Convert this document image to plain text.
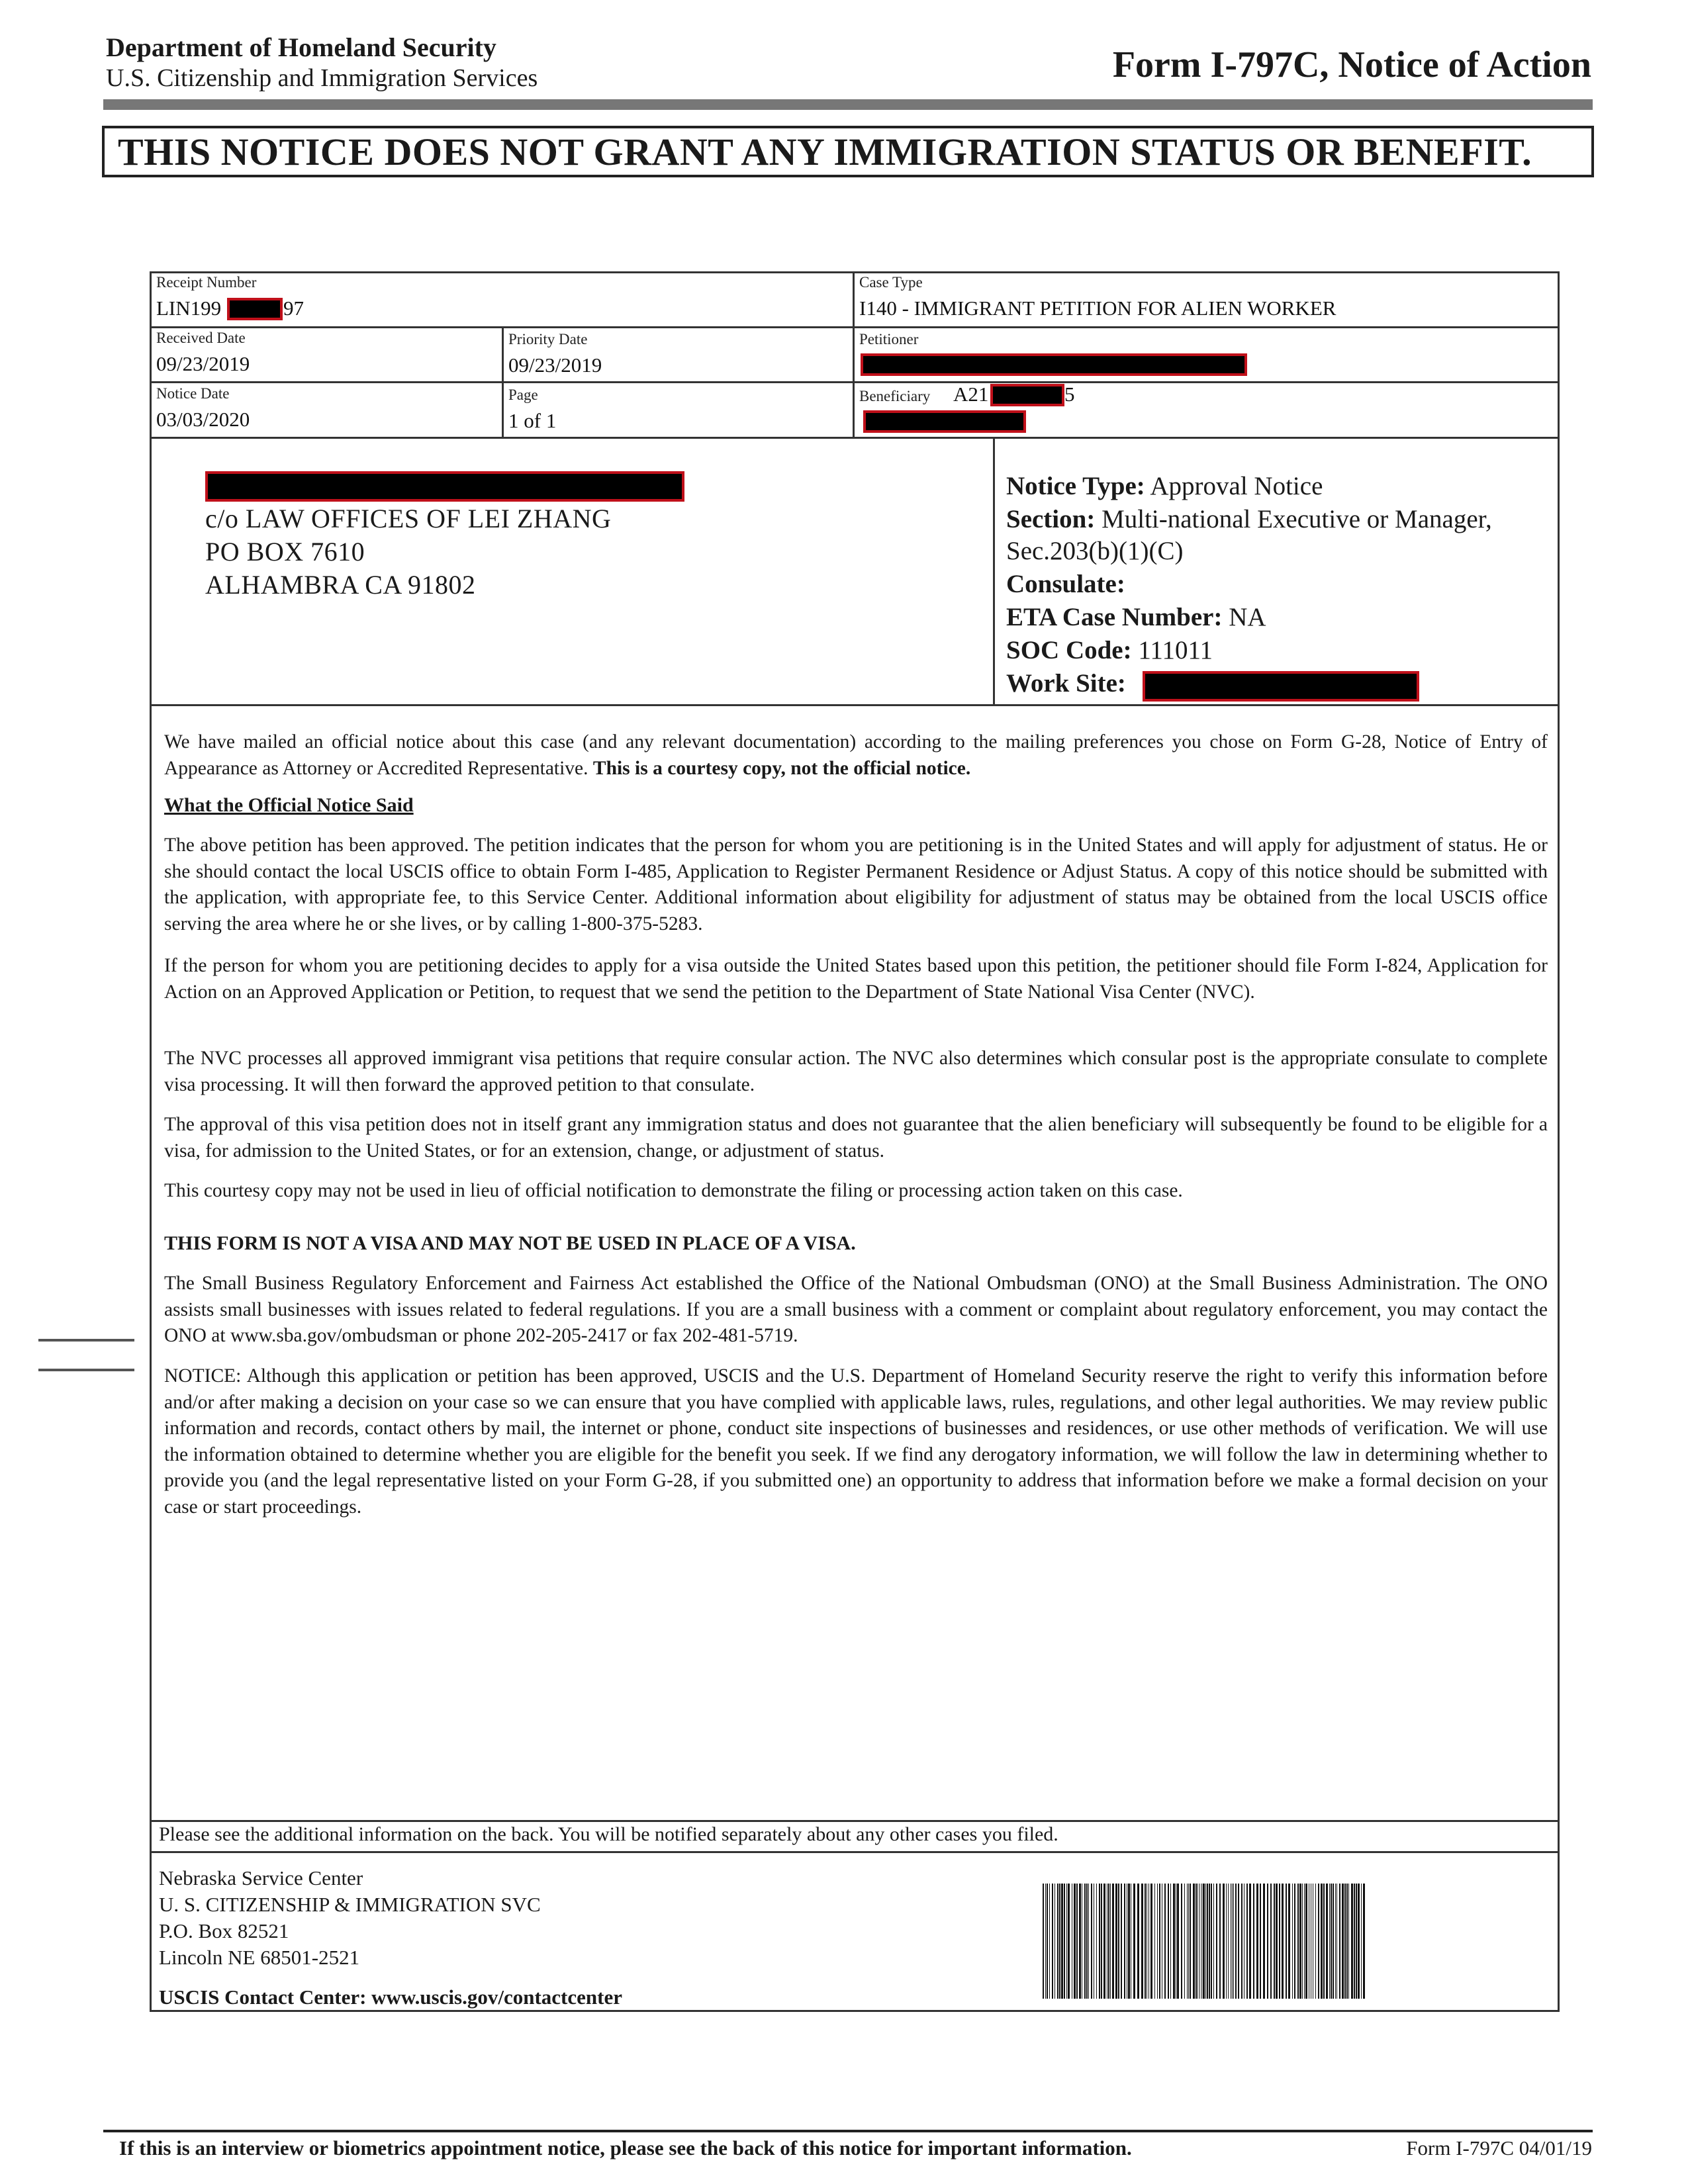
Department of Homeland Security
U.S. Citizenship and Immigration Services	Form I-797C, Notice of Action
THIS NOTICE DOES NOT GRANT ANY IMMIGRATION STATUS OR BENEFIT.
Receipt Number
LIN199	97
Case Type
I140 - IMMIGRANT PETITION FOR ALIEN WORKER
Received Date
09/23/2019
Priority Date
09/23/2019
Petitioner
Notice Date
03/03/2020
Page
1 of 1
Beneficiary A21	5
c/o LAW OFFICES OF LEI ZHANG
PO BOX 7610
ALHAMBRA CA 91802
Notice Type: Approval Notice
Section: Multi-national Executive or Manager,
Sec.203(b)(1)(C)
Consulate:
ETA Case Number: NA
SOC Code: 111011
Work Site:

We have mailed an official notice about this case (and any relevant documentation) according to the mailing preferences you chose on Form G-28, Notice of Entry of Appearance as Attorney or Accredited Representative. This is a courtesy copy, not the official notice.

What the Official Notice Said

The above petition has been approved. The petition indicates that the person for whom you are petitioning is in the United States and will apply for adjustment of status. He or she should contact the local USCIS office to obtain Form I-485, Application to Register Permanent Residence or Adjust Status. A copy of this notice should be submitted with the application, with appropriate fee, to this Service Center. Additional information about eligibility for adjustment of status may be obtained from the local USCIS office serving the area where he or she lives, or by calling 1-800-375-5283.

If the person for whom you are petitioning decides to apply for a visa outside the United States based upon this petition, the petitioner should file Form I-824, Application for Action on an Approved Application or Petition, to request that we send the petition to the Department of State National Visa Center (NVC).

The NVC processes all approved immigrant visa petitions that require consular action. The NVC also determines which consular post is the appropriate consulate to complete visa processing. It will then forward the approved petition to that consulate.

The approval of this visa petition does not in itself grant any immigration status and does not guarantee that the alien beneficiary will subsequently be found to be eligible for a visa, for admission to the United States, or for an extension, change, or adjustment of status.

This courtesy copy may not be used in lieu of official notification to demonstrate the filing or processing action taken on this case.

THIS FORM IS NOT A VISA AND MAY NOT BE USED IN PLACE OF A VISA.

The Small Business Regulatory Enforcement and Fairness Act established the Office of the National Ombudsman (ONO) at the Small Business Administration. The ONO assists small businesses with issues related to federal regulations. If you are a small business with a comment or complaint about regulatory enforcement, you may contact the ONO at www.sba.gov/ombudsman or phone 202-205-2417 or fax 202-481-5719.

NOTICE: Although this application or petition has been approved, USCIS and the U.S. Department of Homeland Security reserve the right to verify this information before and/or after making a decision on your case so we can ensure that you have complied with applicable laws, rules, regulations, and other legal authorities. We may review public information and records, contact others by mail, the internet or phone, conduct site inspections of businesses and residences, or use other methods of verification. We will use the information obtained to determine whether you are eligible for the benefit you seek. If we find any derogatory information, we will follow the law in determining whether to provide you (and the legal representative listed on your Form G-28, if you submitted one) an opportunity to address that information before we make a formal decision on your case or start proceedings.

Please see the additional information on the back. You will be notified separately about any other cases you filed.
Nebraska Service Center
U. S. CITIZENSHIP & IMMIGRATION SVC
P.O. Box 82521
Lincoln NE 68501-2521
USCIS Contact Center: www.uscis.gov/contactcenter
If this is an interview or biometrics appointment notice, please see the back of this notice for important information.	Form I-797C 04/01/19
